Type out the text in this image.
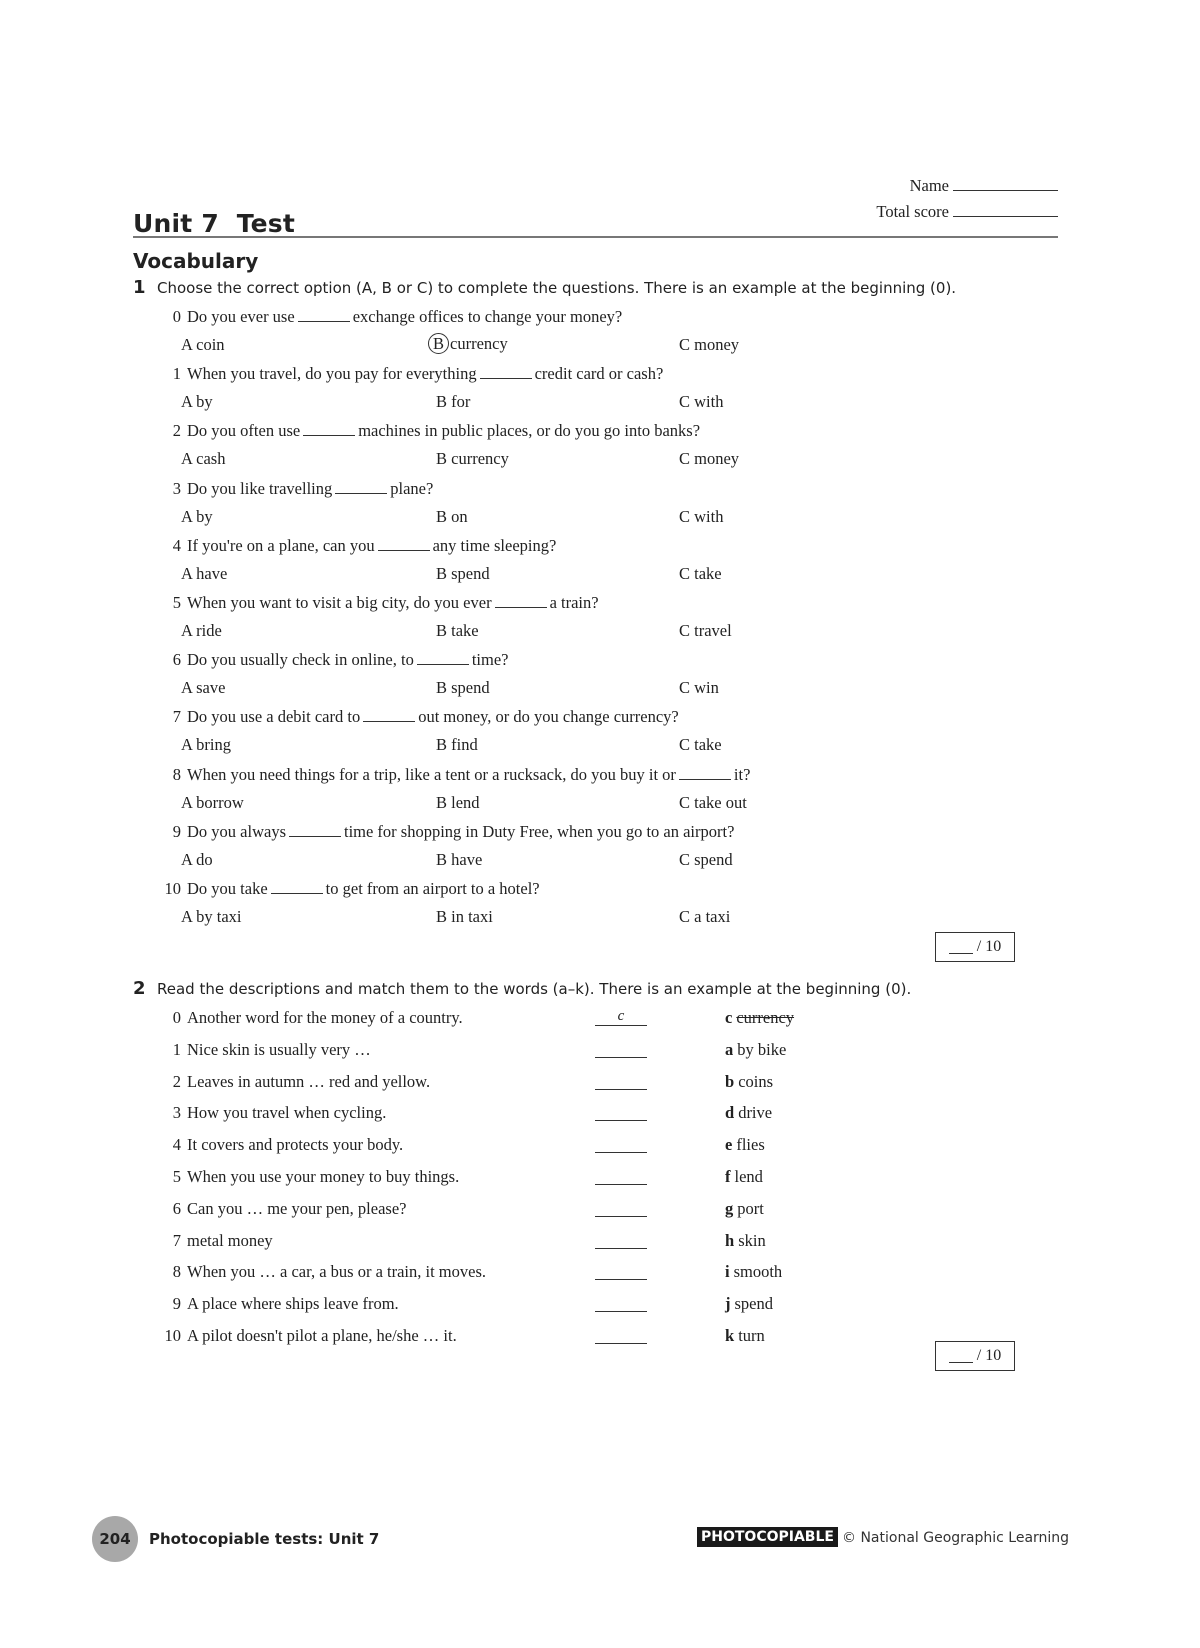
Name
Total score
Unit 7  Test
Vocabulary
1 Choose the correct option (A, B or C) to complete the questions. There is an example at the beginning (0).
0 Do you ever use	exchange offices to change your money?
A coin	B currency	C money
1 When you travel, do you pay for everything	credit card or cash?
A by	B for	C with
2 Do you often use	machines in public places, or do you go into banks?
A cash	B currency	C money
3 Do you like travelling	plane?
A by	B on	C with
4 If you're on a plane, can you	any time sleeping?
A have	B spend	C take
5 When you want to visit a big city, do you ever	a train?
A ride	B take	C travel
6 Do you usually check in online, to	time?
A save	B spend	C win
7 Do you use a debit card to	out money, or do you change currency?
A bring	B find	C take
8 When you need things for a trip, like a tent or a rucksack, do you buy it or	it?
A borrow	B lend	C take out
9 Do you always	time for shopping in Duty Free, when you go to an airport?
A do	B have	C spend
10 Do you take	to get from an airport to a hotel?
A by taxi	B in taxi	C a taxi
/ 10
2 Read the descriptions and match them to the words (a–k). There is an example at the beginning (0).
0 Another word for the money of a country.	c	c currency
1 Nice skin is usually very …	a by bike
2 Leaves in autumn … red and yellow.	b coins
3 How you travel when cycling.	d drive
4 It covers and protects your body.	e flies
5 When you use your money to buy things.	f lend
6 Can you … me your pen, please?	g port
7 metal money	h skin
8 When you … a car, a bus or a train, it moves.	i smooth
9 A place where ships leave from.	j spend
10 A pilot doesn't pilot a plane, he/she … it.	k turn
/ 10
204	Photocopiable tests: Unit 7	PHOTOCOPIABLE © National Geographic Learning
